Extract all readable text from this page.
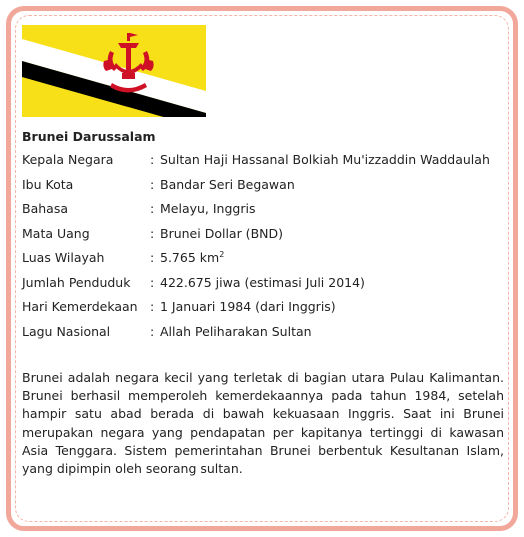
Brunei Darussalam
Kepala Negara	: Sultan Haji Hassanal Bolkiah Mu'izzaddin Waddaulah
Ibu Kota	: Bandar Seri Begawan
Bahasa	: Melayu, Inggris
Mata Uang	: Brunei Dollar (BND)
Luas Wilayah	: 5.765 $km^2$
Jumlah Penduduk	: 422.675 jiwa (estimasi Juli 2014)
Hari Kemerdekaan : 1 Januari 1984 (dari Inggris)
Lagu Nasional	: Allah Peliharakan Sultan

Brunei adalah negara kecil yang terletak di bagian utara Pulau Kalimantan. Brunei berhasil memperoleh kemerdekaannya pada tahun 1984, setelah hampir satu abad berada di bawah kekuasaan Inggris. Saat ini Brunei merupakan negara yang pendapatan per kapitanya tertinggi di kawasan Asia Tenggara. Sistem pemerintahan Brunei berbentuk Kesultanan Islam, yang dipimpin oleh seorang sultan.
